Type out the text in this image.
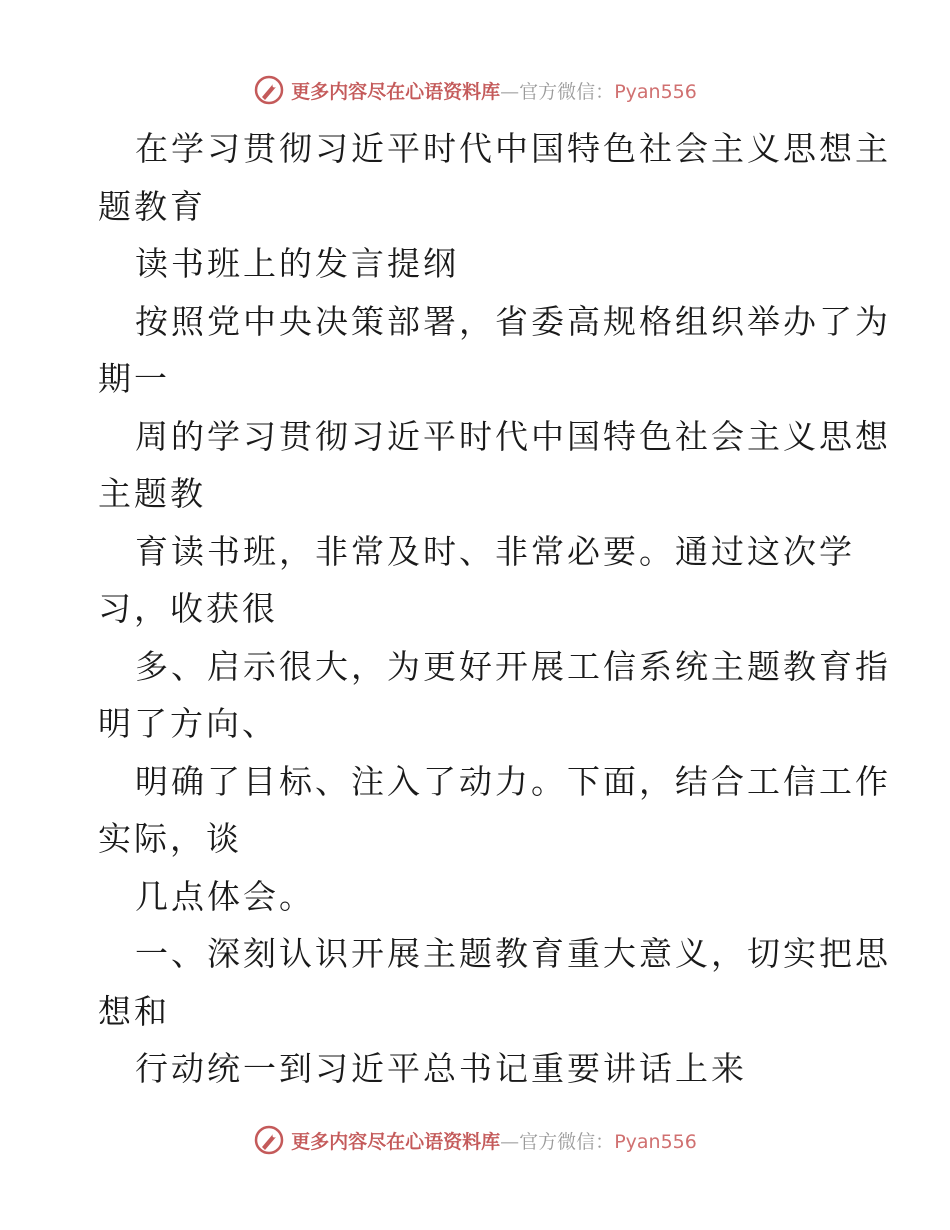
更多内容尽在心语资料库—官方微信：Pyan556
在学习贯彻习近平时代中国特色社会主义思想主
题教育
读书班上的发言提纲
按照党中央决策部署，省委高规格组织举办了为
期一
周的学习贯彻习近平时代中国特色社会主义思想
主题教
育读书班，非常及时、非常必要。通过这次学
习，收获很
多、启示很大，为更好开展工信系统主题教育指
明了方向、
明确了目标、注入了动力。下面，结合工信工作
实际，谈
几点体会。
一、深刻认识开展主题教育重大意义，切实把思
想和
行动统一到习近平总书记重要讲话上来
更多内容尽在心语资料库—官方微信：Pyan556
